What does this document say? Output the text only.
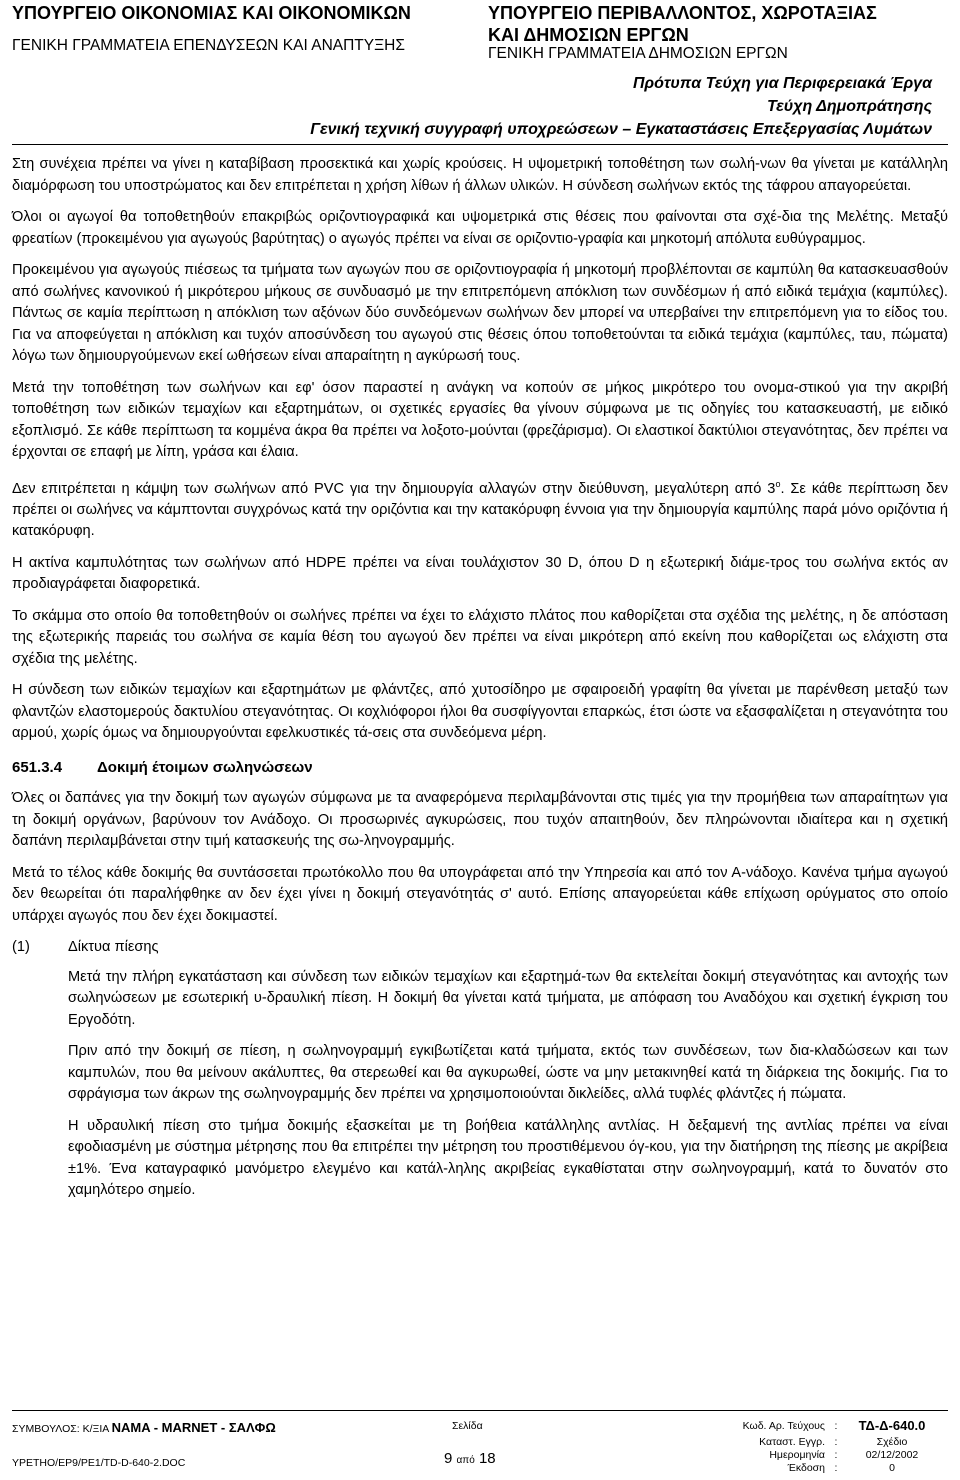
ΥΠΟΥΡΓΕΙΟ ΟΙΚΟΝΟΜΙΑΣ ΚΑΙ ΟΙΚΟΝΟΜΙΚΩΝ
ΓΕΝΙΚΗ ΓΡΑΜΜΑΤΕΙΑ ΕΠΕΝΔΥΣΕΩΝ ΚΑΙ ΑΝΑΠΤΥΞΗΣ
ΥΠΟΥΡΓΕΙΟ ΠΕΡΙΒΑΛΛΟΝΤΟΣ, ΧΩΡΟΤΑΞΙΑΣ
ΚΑΙ ΔΗΜΟΣΙΩΝ ΕΡΓΩΝ
ΓΕΝΙΚΗ ΓΡΑΜΜΑΤΕΙΑ ΔΗΜΟΣΙΩΝ ΕΡΓΩΝ
Πρότυπα Τεύχη για Περιφερειακά Έργα
Τεύχη Δημοπράτησης
Γενική τεχνική συγγραφή υποχρεώσεων – Εγκαταστάσεις Επεξεργασίας Λυμάτων

Στη συνέχεια πρέπει να γίνει η καταβίβαση προσεκτικά και χωρίς κρούσεις. Η υψομετρική τοποθέτηση των σωλή-νων θα γίνεται με κατάλληλη διαμόρφωση του υποστρώματος και δεν επιτρέπεται η χρήση λίθων ή άλλων υλικών. Η σύνδεση σωλήνων εκτός της τάφρου απαγορεύεται.

Όλοι οι αγωγοί θα τοποθετηθούν επακριβώς οριζοντιογραφικά και υψομετρικά στις θέσεις που φαίνονται στα σχέ-δια της Μελέτης. Μεταξύ φρεατίων (προκειμένου για αγωγούς βαρύτητας) ο αγωγός πρέπει να είναι σε οριζοντιο-γραφία και μηκοτομή απόλυτα ευθύγραμμος.

Προκειμένου για αγωγούς πιέσεως τα τμήματα των αγωγών που σε οριζοντιογραφία ή μηκοτομή προβλέπονται σε καμπύλη θα κατασκευασθούν από σωλήνες κανονικού ή μικρότερου μήκους σε συνδυασμό με την επιτρεπόμενη απόκλιση των συνδέσμων ή από ειδικά τεμάχια (καμπύλες). Πάντως σε καμία περίπτωση η απόκλιση των αξόνων δύο συνδεόμενων σωλήνων δεν μπορεί να υπερβαίνει την επιτρεπόμενη για το είδος του. Για να αποφεύγεται η απόκλιση και τυχόν αποσύνδεση του αγωγού στις θέσεις όπου τοποθετούνται τα ειδικά τεμάχια (καμπύλες, ταυ, πώματα) λόγω των δημιουργούμενων εκεί ωθήσεων είναι απαραίτητη η αγκύρωσή τους.

Μετά την τοποθέτηση των σωλήνων και εφ' όσον παραστεί η ανάγκη να κοπούν σε μήκος μικρότερο του ονομα-στικού για την ακριβή τοποθέτηση των ειδικών τεμαχίων και εξαρτημάτων, οι σχετικές εργασίες θα γίνουν σύμφωνα με τις οδηγίες του κατασκευαστή, με ειδικό εξοπλισμό. Σε κάθε περίπτωση τα κομμένα άκρα θα πρέπει να λοξοτο-μούνται (φρεζάρισμα). Οι ελαστικοί δακτύλιοι στεγανότητας, δεν πρέπει να έρχονται σε επαφή με λίπη, γράσα και έλαια.

Δεν επιτρέπεται η κάμψη των σωλήνων από PVC για την δημιουργία αλλαγών στην διεύθυνση, μεγαλύτερη από $3^o$. Σε κάθε περίπτωση δεν πρέπει οι σωλήνες να κάμπτονται συγχρόνως κατά την οριζόντια και την κατακόρυφη έννοια για την δημιουργία καμπύλης παρά μόνο οριζόντια ή κατακόρυφη.

Η ακτίνα καμπυλότητας των σωλήνων από HDPE πρέπει να είναι τουλάχιστον 30 D, όπου D η εξωτερική διάμε-τρος του σωλήνα εκτός αν προδιαγράφεται διαφορετικά.

Το σκάμμα στο οποίο θα τοποθετηθούν οι σωλήνες πρέπει να έχει το ελάχιστο πλάτος που καθορίζεται στα σχέδια της μελέτης, η δε απόσταση της εξωτερικής παρειάς του σωλήνα σε καμία θέση του αγωγού δεν πρέπει να είναι μικρότερη από εκείνη που καθορίζεται ως ελάχιστη στα σχέδια της μελέτης.

Η σύνδεση των ειδικών τεμαχίων και εξαρτημάτων με φλάντζες, από χυτοσίδηρο με σφαιροειδή γραφίτη θα γίνεται με παρένθεση μεταξύ των φλαντζών ελαστομερούς δακτυλίου στεγανότητας. Οι κοχλιόφοροι ήλοι θα συσφίγγονται επαρκώς, έτσι ώστε να εξασφαλίζεται η στεγανότητα του αρμού, χωρίς όμως να δημιουργούνται εφελκυστικές τά-σεις στα συνδεόμενα μέρη.

651.3.4 Δοκιμή έτοιμων σωληνώσεων

Όλες οι δαπάνες για την δοκιμή των αγωγών σύμφωνα με τα αναφερόμενα περιλαμβάνονται στις τιμές για την προμήθεια των απαραίτητων για τη δοκιμή οργάνων, βαρύνουν τον Ανάδοχο. Οι προσωρινές αγκυρώσεις, που τυχόν απαιτηθούν, δεν πληρώνονται ιδιαίτερα και η σχετική δαπάνη περιλαμβάνεται στην τιμή κατασκευής της σω-ληνογραμμής.

Μετά το τέλος κάθε δοκιμής θα συντάσσεται πρωτόκολλο που θα υπογράφεται από την Υπηρεσία και από τον Α-νάδοχο. Κανένα τμήμα αγωγού δεν θεωρείται ότι παραλήφθηκε αν δεν έχει γίνει η δοκιμή στεγανότητάς σ' αυτό. Επίσης απαγορεύεται κάθε επίχωση ορύγματος στο οποίο υπάρχει αγωγός που δεν έχει δοκιμαστεί.

(1)	Δίκτυα πίεσης

Μετά την πλήρη εγκατάσταση και σύνδεση των ειδικών τεμαχίων και εξαρτημά-των θα εκτελείται δοκιμή στεγανότητας και αντοχής των σωληνώσεων με εσωτερική υ-δραυλική πίεση. Η δοκιμή θα γίνεται κατά τμήματα, με απόφαση του Αναδόχου και σχετική έγκριση του Εργοδότη.

Πριν από την δοκιμή σε πίεση, η σωληνογραμμή εγκιβωτίζεται κατά τμήματα, εκτός των συνδέσεων, των δια-κλαδώσεων και των καμπυλών, που θα μείνουν ακάλυπτες, θα στερεωθεί και θα αγκυρωθεί, ώστε να μην μετακινηθεί κατά τη διάρκεια της δοκιμής. Για το σφράγισμα των άκρων της σωληνογραμμής δεν πρέπει να χρησιμοποιούνται δικλείδες, αλλά τυφλές φλάντζες ή πώματα.

Η υδραυλική πίεση στο τμήμα δοκιμής εξασκείται με τη βοήθεια κατάλληλης αντλίας. Η δεξαμενή της αντλίας πρέπει να είναι εφοδιασμένη με σύστημα μέτρησης που θα επιτρέπει την μέτρηση του προστιθέμενου όγ-κου, για την διατήρηση της πίεσης με ακρίβεια ±1%. Ένα καταγραφικό μανόμετρο ελεγμένο και κατάλ-ληλης ακριβείας εγκαθίσταται στην σωληνογραμμή, κατά το δυνατόν στο χαμηλότερο σημείο.

ΣΥΜΒΟΥΛΟΣ: Κ/ΞΙΑ NAMA - MARNET - ΣΑΛΦΩ
ΥΡΕΤΗΟ/ΕΡ9/ΡΕ1/TD-D-640-2.DOC
Σελίδα
9 από 18
Κωδ. Αρ. Τεύχους :	ΤΔ-Δ-640.0
Καταστ. Εγγρ. :	Σχέδιο
Ημερομηνία :	02/12/2002
Έκδοση :	0
